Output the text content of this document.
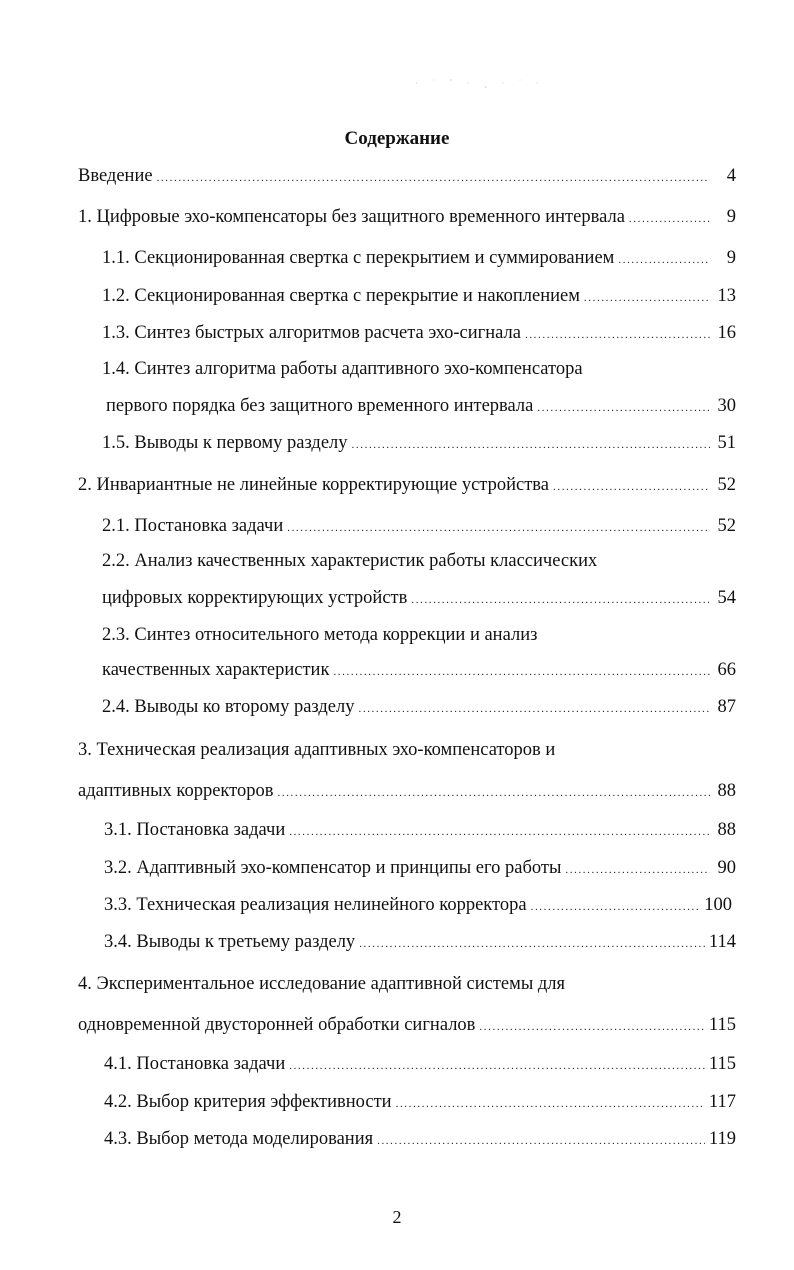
· ˙ ˚ · ¸ · ˙ ·
Содержание
Введение .....	4
1. Цифровые эхо-компенсаторы без защитного временного интервала .....	9
1.1. Секционированная свертка с перекрытием и суммированием .....	9
1.2. Секционированная свертка с перекрытие и накоплением .....	13
1.3. Синтез быстрых алгоритмов расчета эхо-сигнала .....	16
1.4. Синтез алгоритма работы адаптивного эхо-компенсатора
первого порядка без защитного временного интервала .....	30
1.5. Выводы к первому разделу .....	51
2. Инвариантные не линейные корректирующие устройства .....	52
2.1. Постановка задачи .....	52
2.2. Анализ качественных характеристик работы классических
цифровых корректирующих устройств .....	54
2.3. Синтез относительного метода коррекции и анализ
качественных характеристик .....	66
2.4. Выводы ко второму разделу .....	87
3. Техническая реализация адаптивных эхо-компенсаторов и
адаптивных корректоров .....	88
3.1. Постановка задачи .....	88
3.2. Адаптивный эхо-компенсатор и принципы его работы .....	90
3.3. Техническая реализация нелинейного корректора .....	100
3.4. Выводы к третьему разделу .....	114
4. Экспериментальное исследование адаптивной системы для
одновременной двусторонней обработки сигналов .....	115
4.1. Постановка задачи .....	115
4.2. Выбор критерия эффективности .....	117
4.3. Выбор метода моделирования .....	119
2
